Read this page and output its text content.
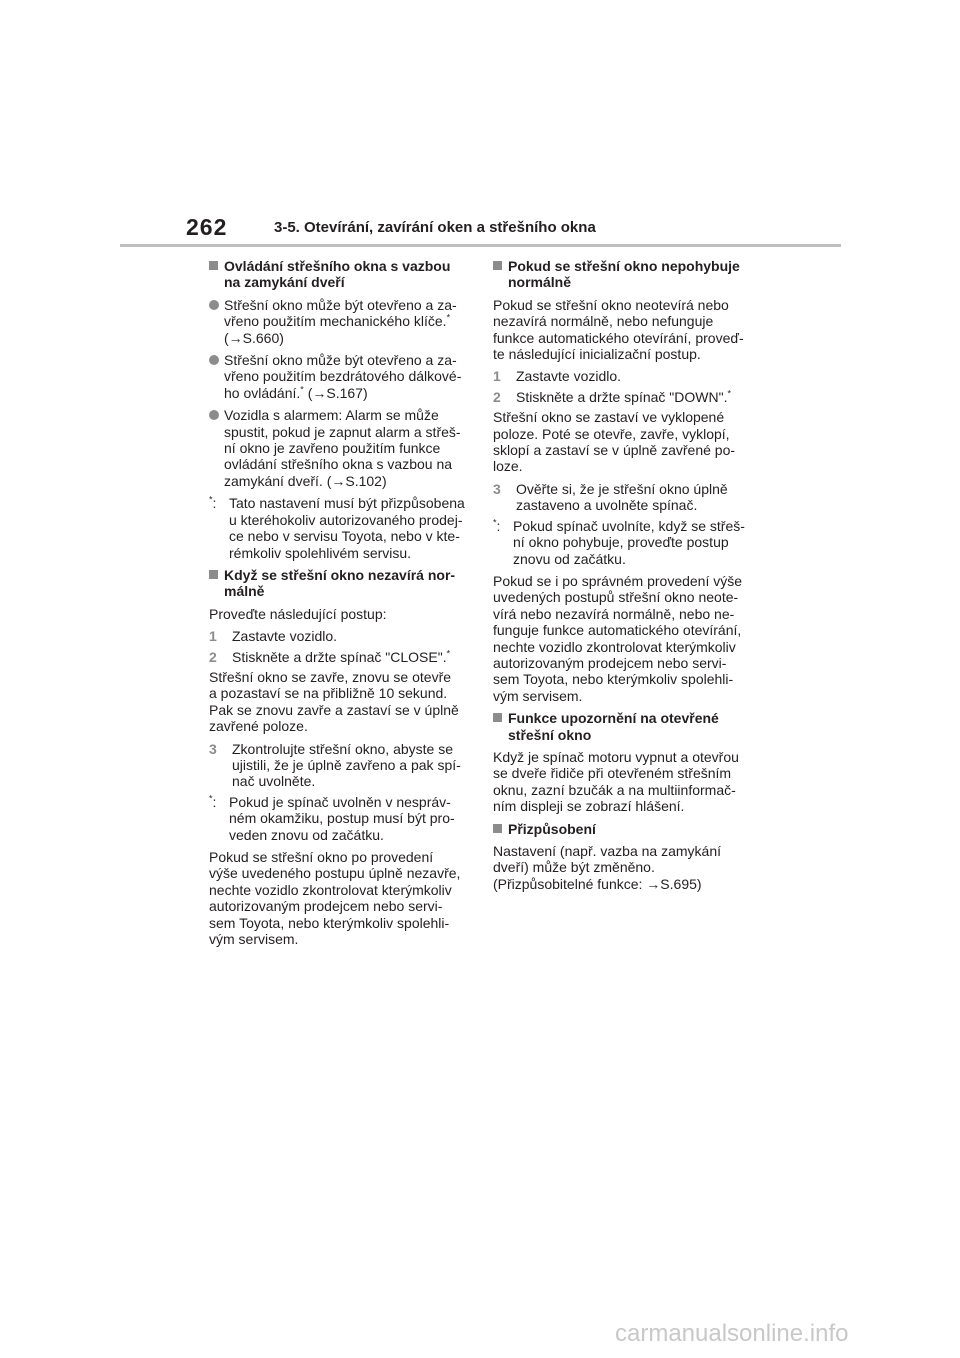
262	3-5. Otevírání, zavírání oken a střešního okna
Ovládání střešního okna s vazbou
na zamykání dveří
Střešní okno může být otevřeno a za-
vřeno použitím mechanického klíče.*
(→S.660)
Střešní okno může být otevřeno a za-
vřeno použitím bezdrátového dálkové-
ho ovládání.* (→S.167)
Vozidla s alarmem: Alarm se může
spustit, pokud je zapnut alarm a střeš-
ní okno je zavřeno použitím funkce
ovládání střešního okna s vazbou na
zamykání dveří. (→S.102)
*: Tato nastavení musí být přizpůsobena
u kteréhokoliv autorizovaného prodej-
ce nebo v servisu Toyota, nebo v kte-
rémkoliv spolehlivém servisu.
Když se střešní okno nezavírá nor-
málně
Proveďte následující postup:
1 Zastavte vozidlo.
2 Stiskněte a držte spínač "CLOSE".*
Střešní okno se zavře, znovu se otevře
a pozastaví se na přibližně 10 sekund.
Pak se znovu zavře a zastaví se v úplně
zavřené poloze.
3 Zkontrolujte střešní okno, abyste se
ujistili, že je úplně zavřeno a pak spí-
nač uvolněte.
*: Pokud je spínač uvolněn v nespráv-
ném okamžiku, postup musí být pro-
veden znovu od začátku.
Pokud se střešní okno po provedení
výše uvedeného postupu úplně nezavře,
nechte vozidlo zkontrolovat kterýmkoliv
autorizovaným prodejcem nebo servi-
sem Toyota, nebo kterýmkoliv spolehli-
vým servisem.
Pokud se střešní okno nepohybuje
normálně
Pokud se střešní okno neotevírá nebo
nezavírá normálně, nebo nefunguje
funkce automatického otevírání, proveď-
te následující inicializační postup.
1 Zastavte vozidlo.
2 Stiskněte a držte spínač "DOWN".*
Střešní okno se zastaví ve vyklopené
poloze. Poté se otevře, zavře, vyklopí,
sklopí a zastaví se v úplně zavřené po-
loze.
3 Ověřte si, že je střešní okno úplně
zastaveno a uvolněte spínač.
*: Pokud spínač uvolníte, když se střeš-
ní okno pohybuje, proveďte postup
znovu od začátku.
Pokud se i po správném provedení výše
uvedených postupů střešní okno neote-
vírá nebo nezavírá normálně, nebo ne-
funguje funkce automatického otevírání,
nechte vozidlo zkontrolovat kterýmkoliv
autorizovaným prodejcem nebo servi-
sem Toyota, nebo kterýmkoliv spolehli-
vým servisem.
Funkce upozornění na otevřené
střešní okno
Když je spínač motoru vypnut a otevřou
se dveře řidiče při otevřeném střešním
oknu, zazní bzučák a na multiinformač-
ním displeji se zobrazí hlášení.
Přizpůsobení
Nastavení (např. vazba na zamykání
dveří) může být změněno.
(Přizpůsobitelné funkce: →S.695)
carmanualsonline.info
